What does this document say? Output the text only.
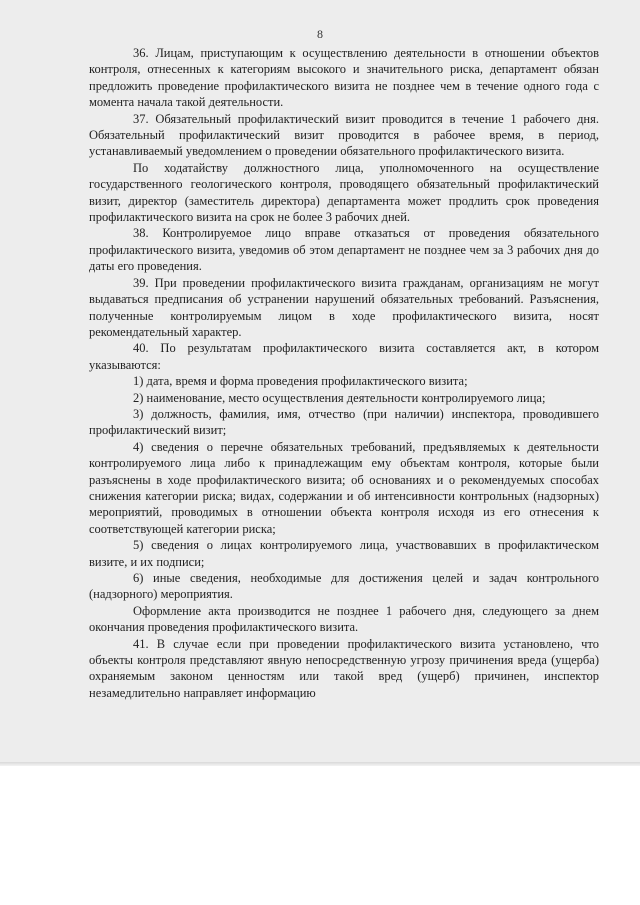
8

36. Лицам, приступающим к осуществлению деятельности в отношении объектов контроля, отнесенных к категориям высокого и значительного риска, департамент обязан предложить проведение профилактического визита не позднее чем в течение одного года с момента начала такой деятельности.

37. Обязательный профилактический визит проводится в течение 1 рабочего дня. Обязательный профилактический визит проводится в рабочее время, в период, устанавливаемый уведомлением о проведении обязательного профилактического визита.

По ходатайству должностного лица, уполномоченного на осуществление государственного геологического контроля, проводящего обязательный профилактический визит, директор (заместитель директора) департамента может продлить срок проведения профилактического визита на срок не более 3 рабочих дней.

38. Контролируемое лицо вправе отказаться от проведения обязательного профилактического визита, уведомив об этом департамент не позднее чем за 3 рабочих дня до даты его проведения.

39. При проведении профилактического визита гражданам, организациям не могут выдаваться предписания об устранении нарушений обязательных требований. Разъяснения, полученные контролируемым лицом в ходе профилактического визита, носят рекомендательный характер.

40. По результатам профилактического визита составляется акт, в котором указываются:

1) дата, время и форма проведения профилактического визита;

2) наименование, место осуществления деятельности контролируемого лица;

3) должность, фамилия, имя, отчество (при наличии) инспектора, проводившего профилактический визит;

4) сведения о перечне обязательных требований, предъявляемых к деятельности контролируемого лица либо к принадлежащим ему объектам контроля, которые были разъяснены в ходе профилактического визита; об основаниях и о рекомендуемых способах снижения категории риска; видах, содержании и об интенсивности контрольных (надзорных) мероприятий, проводимых в отношении объекта контроля исходя из его отнесения к соответствующей категории риска;

5) сведения о лицах контролируемого лица, участвовавших в профилактическом визите, и их подписи;

6) иные сведения, необходимые для достижения целей и задач контрольного (надзорного) мероприятия.

Оформление акта производится не позднее 1 рабочего дня, следующего за днем окончания проведения профилактического визита.

41. В случае если при проведении профилактического визита установлено, что объекты контроля представляют явную непосредственную угрозу причинения вреда (ущерба) охраняемым законом ценностям или такой вред (ущерб) причинен, инспектор незамедлительно направляет информацию
